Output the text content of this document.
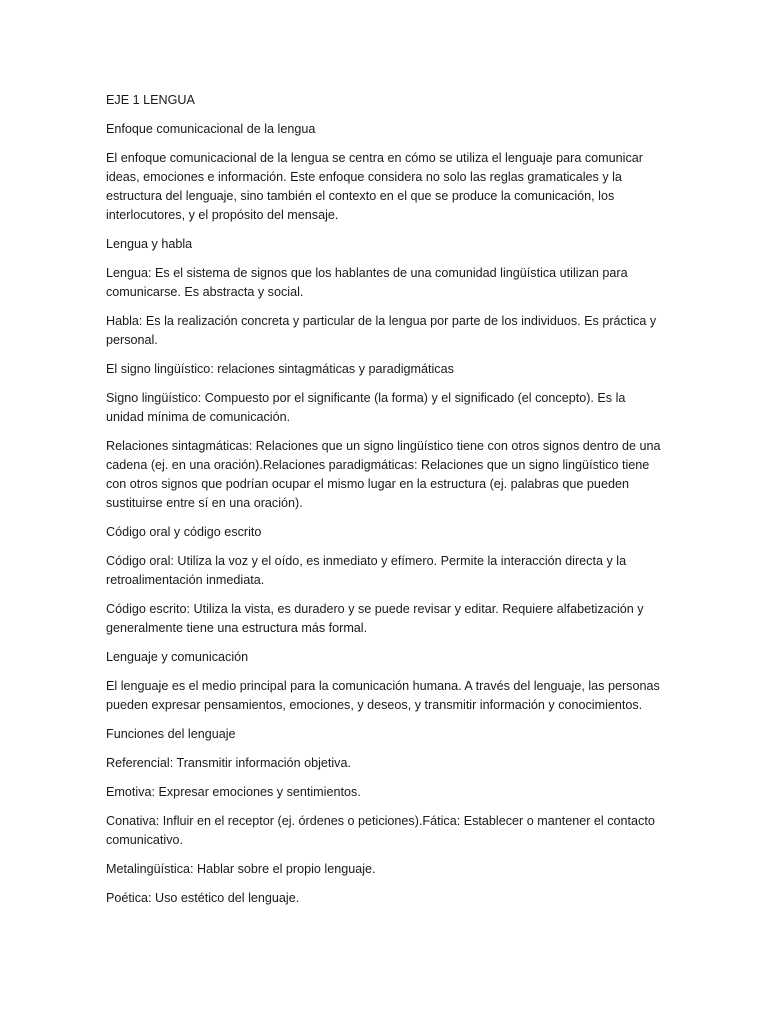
EJE 1 LENGUA

Enfoque comunicacional de la lengua

El enfoque comunicacional de la lengua se centra en cómo se utiliza el lenguaje para comunicar ideas, emociones e información. Este enfoque considera no solo las reglas gramaticales y la estructura del lenguaje, sino también el contexto en el que se produce la comunicación, los interlocutores, y el propósito del mensaje.

Lengua y habla

Lengua: Es el sistema de signos que los hablantes de una comunidad lingüística utilizan para comunicarse. Es abstracta y social.

Habla: Es la realización concreta y particular de la lengua por parte de los individuos. Es práctica y personal.

El signo lingüístico: relaciones sintagmáticas y paradigmáticas

Signo lingüístico: Compuesto por el significante (la forma) y el significado (el concepto). Es la unidad mínima de comunicación.

Relaciones sintagmáticas: Relaciones que un signo lingüístico tiene con otros signos dentro de una cadena (ej. en una oración).Relaciones paradigmáticas: Relaciones que un signo lingüístico tiene con otros signos que podrían ocupar el mismo lugar en la estructura (ej. palabras que pueden sustituirse entre sí en una oración).

Código oral y código escrito

Código oral: Utiliza la voz y el oído, es inmediato y efímero. Permite la interacción directa y la retroalimentación inmediata.

Código escrito: Utiliza la vista, es duradero y se puede revisar y editar. Requiere alfabetización y generalmente tiene una estructura más formal.

Lenguaje y comunicación

El lenguaje es el medio principal para la comunicación humana. A través del lenguaje, las personas pueden expresar pensamientos, emociones, y deseos, y transmitir información y conocimientos.

Funciones del lenguaje

Referencial: Transmitir información objetiva.

Emotiva: Expresar emociones y sentimientos.

Conativa: Influir en el receptor (ej. órdenes o peticiones).Fática: Establecer o mantener el contacto comunicativo.

Metalingüística: Hablar sobre el propio lenguaje.

Poética: Uso estético del lenguaje.
